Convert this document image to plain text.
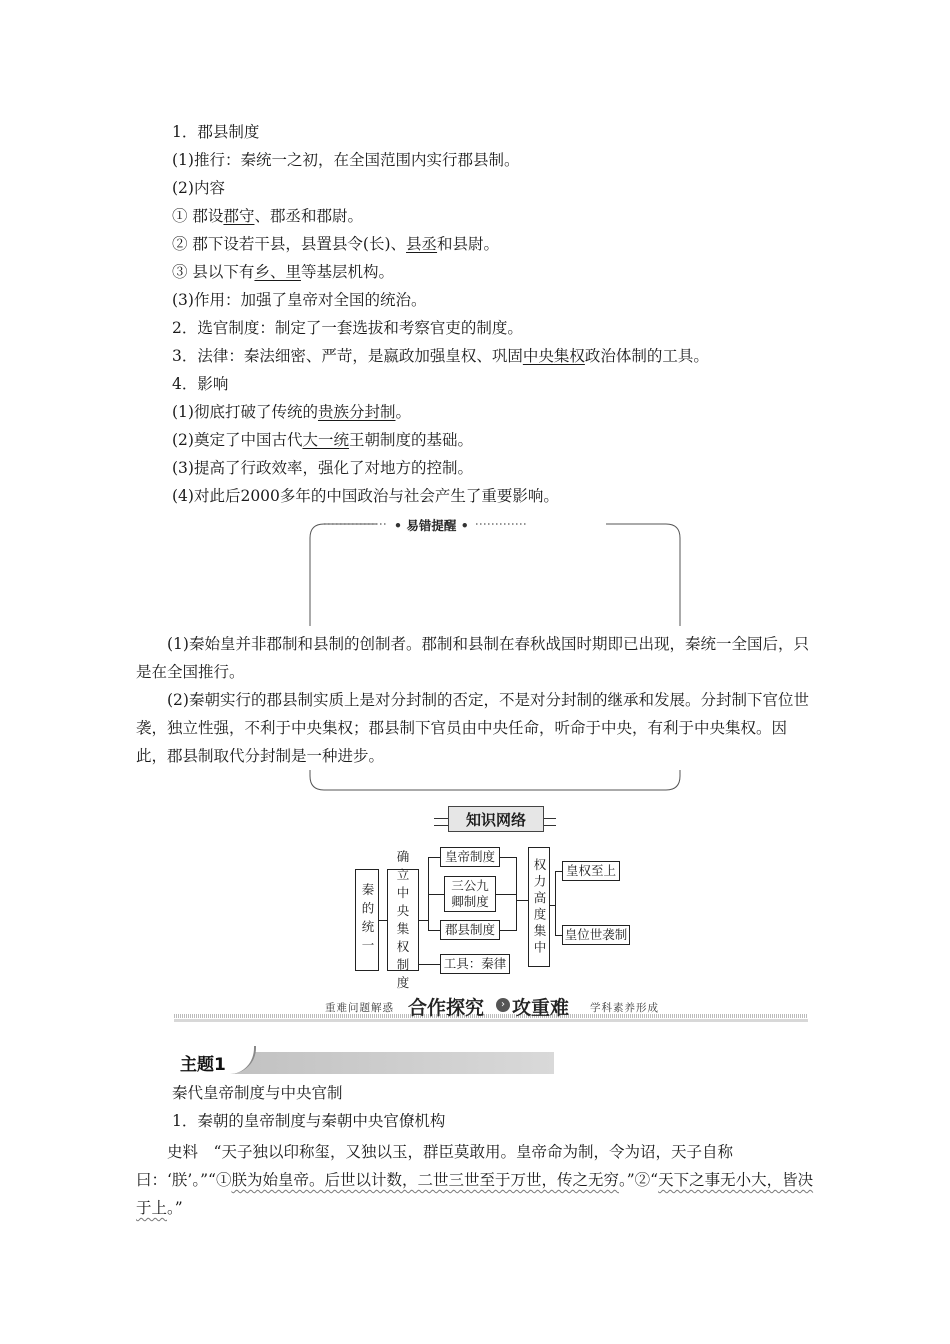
1．郡县制度
(1)推行：秦统一之初，在全国范围内实行郡县制。
(2)内容
① 郡设郡守、郡丞和郡尉。
② 郡下设若干县，县置县令(长)、县丞和县尉。
③ 县以下有乡、里等基层机构。
(3)作用：加强了皇帝对全国的统治。
2．选官制度：制定了一套选拔和考察官吏的制度。
3．法律：秦法细密、严苛，是嬴政加强皇权、巩固中央集权政治体制的工具。
4．影响
(1)彻底打破了传统的贵族分封制。
(2)奠定了中国古代大一统王朝制度的基础。
(3)提高了行政效率，强化了对地方的控制。
(4)对此后2000多年的中国政治与社会产生了重要影响。
• 易错提醒 •
(1)秦始皇并非郡制和县制的创制者。郡制和县制在春秋战国时期即已出现，秦统一全国后，只是在全国推行。
(2)秦朝实行的郡县制实质上是对分封制的否定，不是对分封制的继承和发展。分封制下官位世袭，独立性强，不利于中央集权；郡县制下官员由中央任命，听命于中央，有利于中央集权。因此，郡县制取代分封制是一种进步。
知识网络
秦的统一
确立中央集权制度
皇帝制度
三公九卿制度
郡县制度
工具：秦律
权力高度集中	皇权至上
皇位世袭制
重难问题解惑 合作探究	› 攻重难 学科素养形成
主题1
秦代皇帝制度与中央官制
1．秦朝的皇帝制度与秦朝中央官僚机构
史料　 “天子独以印称玺，又独以玉，群臣莫敢用。皇帝命为制，令为诏，天子自称曰：‘朕’。”“①朕为始皇帝。后世以计数，二世三世至于万世，传之无穷。”②“天下之事无小大，皆决于上。”
